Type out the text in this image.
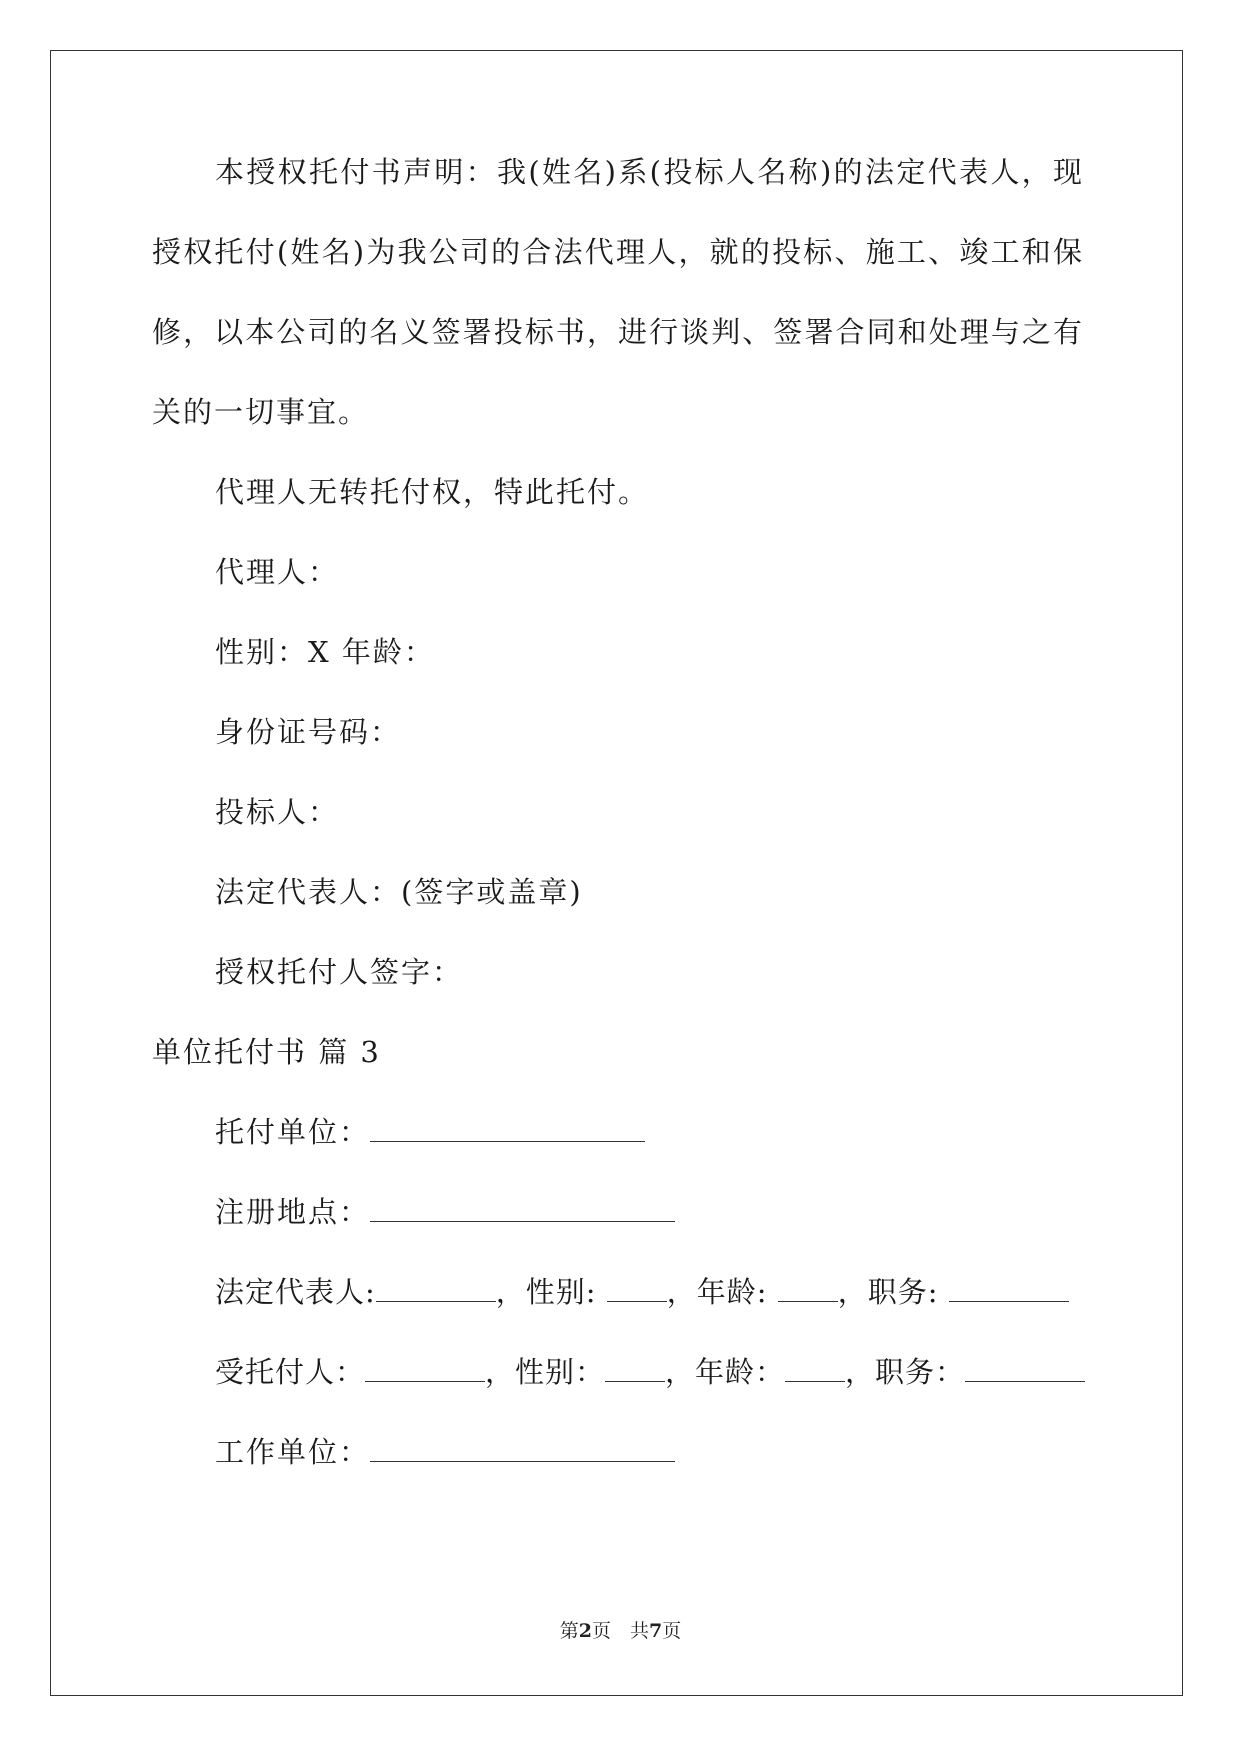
本授权托付书声明：我(姓名)系(投标人名称)的法定代表人，现
授权托付(姓名)为我公司的合法代理人，就的投标、施工、竣工和保
修，以本公司的名义签署投标书，进行谈判、签署合同和处理与之有
关的一切事宜。
代理人无转托付权，特此托付。
代理人：
性别：X 年龄：
身份证号码：
投标人：
法定代表人：(签字或盖章)
授权托付人签字：
单位托付书 篇 3
托付单位：
注册地点：
法定代表人:	，性别: ，年龄: ，职务:
受托付人：	，性别： ，年龄： ，职务：
工作单位：
第2页　共7页
